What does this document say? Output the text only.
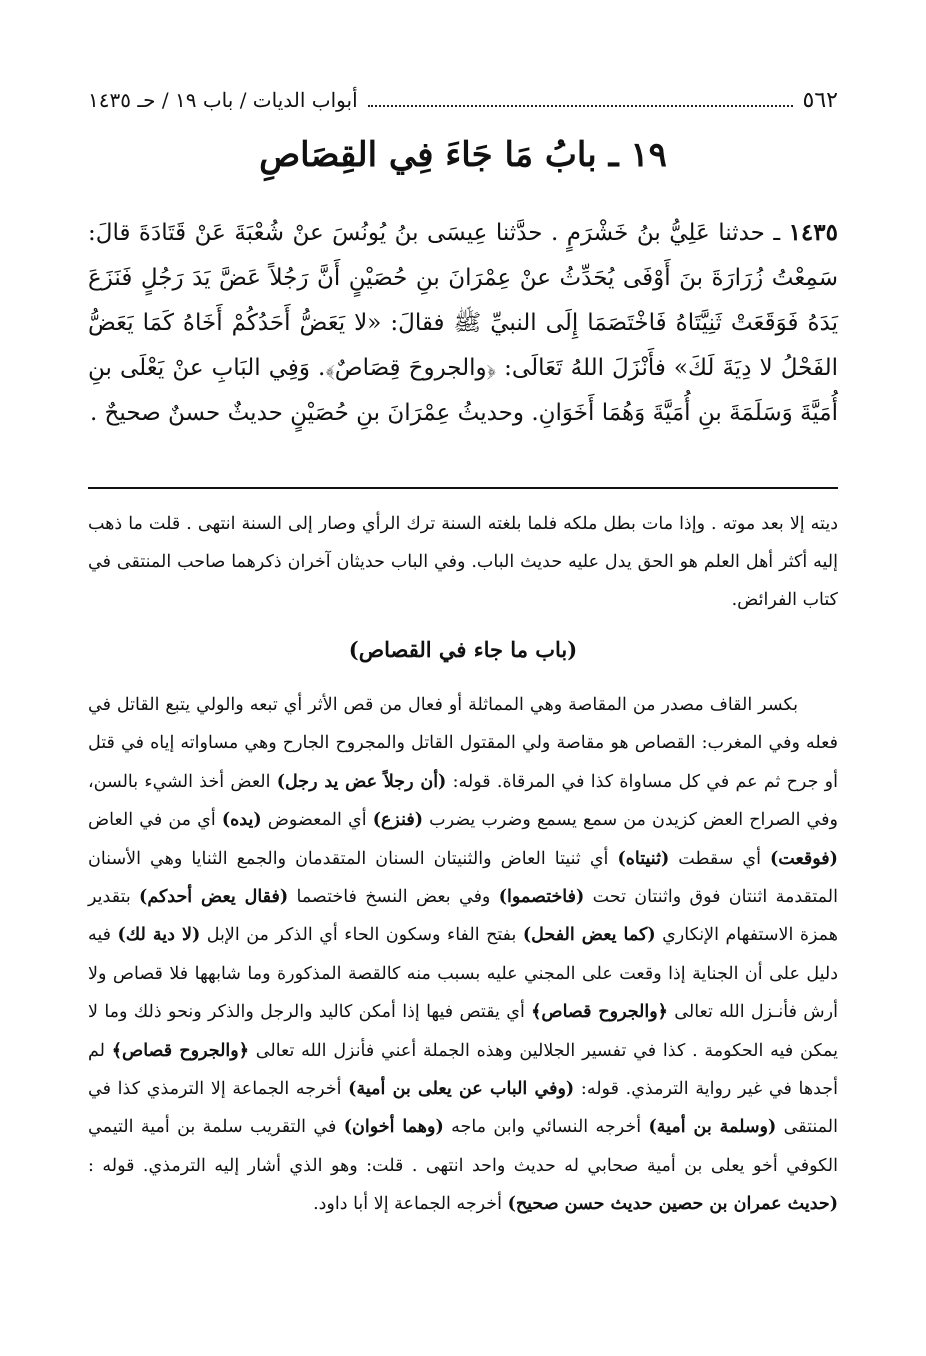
٥٦٢
أبواب الديات / باب ١٩ / حـ ١٤٣٥
١٩ ـ بابُ مَا جَاءَ فِي القِصَاصِ
١٤٣٥ ـ حدثنا عَلِيُّ بنُ خَشْرَمٍ . حدَّثنا عِيسَى بنُ يُونُسَ عنْ شُعْبَةَ عَنْ قَتَادَةَ قالَ: سَمِعْتُ زُرَارَةَ بنَ أَوْفَى يُحَدِّثُ عنْ عِمْرَانَ بنِ حُصَيْنٍ أَنَّ رَجُلاً عَضَّ يَدَ رَجُلٍ فَنَزَعَ يَدَهُ فَوَقَعَتْ ثَنِيَّتَاهُ فَاخْتَصَمَا إِلَى النبيِّ ﷺ فقالَ: «لا يَعَضُّ أَحَدُكُمْ أَخَاهُ كَمَا يَعَضُّ الفَحْلُ لا دِيَةَ لَكَ» فأَنْزَلَ اللهُ تَعَالَى: ﴿والجروحَ قِصَاصٌ﴾. وَفِي البَابِ عنْ يَعْلَى بنِ أُمَيَّةَ وَسَلَمَةَ بنِ أُمَيَّةَ وَهُمَا أَخَوَانِ. وحديثُ عِمْرَانَ بنِ حُصَيْنٍ حديثٌ حسنٌ صحيحٌ .
ديته إلا بعد موته . وإذا مات بطل ملكه فلما بلغته السنة ترك الرأي وصار إلى السنة انتهى . قلت ما ذهب إليه أكثر أهل العلم هو الحق يدل عليه حديث الباب. وفي الباب حديثان آخران ذكرهما صاحب المنتقى في كتاب الفرائض.
(باب ما جاء في القصاص)
بكسر القاف مصدر من المقاصة وهي المماثلة أو فعال من قص الأثر أي تبعه والولي يتبع القاتل في فعله وفي المغرب: القصاص هو مقاصة ولي المقتول القاتل والمجروح الجارح وهي مساواته إياه في قتل أو جرح ثم عم في كل مساواة كذا في المرقاة. قوله: (أن رجلاً عض يد رجل) العض أخذ الشيء بالسن، وفي الصراح العض كزيدن من سمع يسمع وضرب يضرب (فنزع) أي المعضوض (يده) أي من في العاض (فوقعت) أي سقطت (ثنيتاه) أي ثنيتا العاض والثنيتان السنان المتقدمان والجمع الثنايا وهي الأسنان المتقدمة اثنتان فوق واثنتان تحت (فاختصموا) وفي بعض النسخ فاختصما (فقال يعض أحدكم) بتقدير همزة الاستفهام الإنكاري (كما يعض الفحل) بفتح الفاء وسكون الحاء أي الذكر من الإبل (لا دية لك) فيه دليل على أن الجناية إذا وقعت على المجني عليه بسبب منه كالقصة المذكورة وما شابهها فلا قصاص ولا أرش فأنـزل الله تعالى ﴿والجروح قصاص﴾ أي يقتص فيها إذا أمكن كاليد والرجل والذكر ونحو ذلك وما لا يمكن فيه الحكومة . كذا في تفسير الجلالين وهذه الجملة أعني فأنزل الله تعالى ﴿والجروح قصاص﴾ لم أجدها في غير رواية الترمذي. قوله: (وفي الباب عن يعلى بن أمية) أخرجه الجماعة إلا الترمذي كذا في المنتقى (وسلمة بن أمية) أخرجه النسائي وابن ماجه (وهما أخوان) في التقريب سلمة بن أمية التيمي الكوفي أخو يعلى بن أمية صحابي له حديث واحد انتهى . قلت: وهو الذي أشار إليه الترمذي. قوله : (حديث عمران بن حصين حديث حسن صحيح) أخرجه الجماعة إلا أبا داود.
